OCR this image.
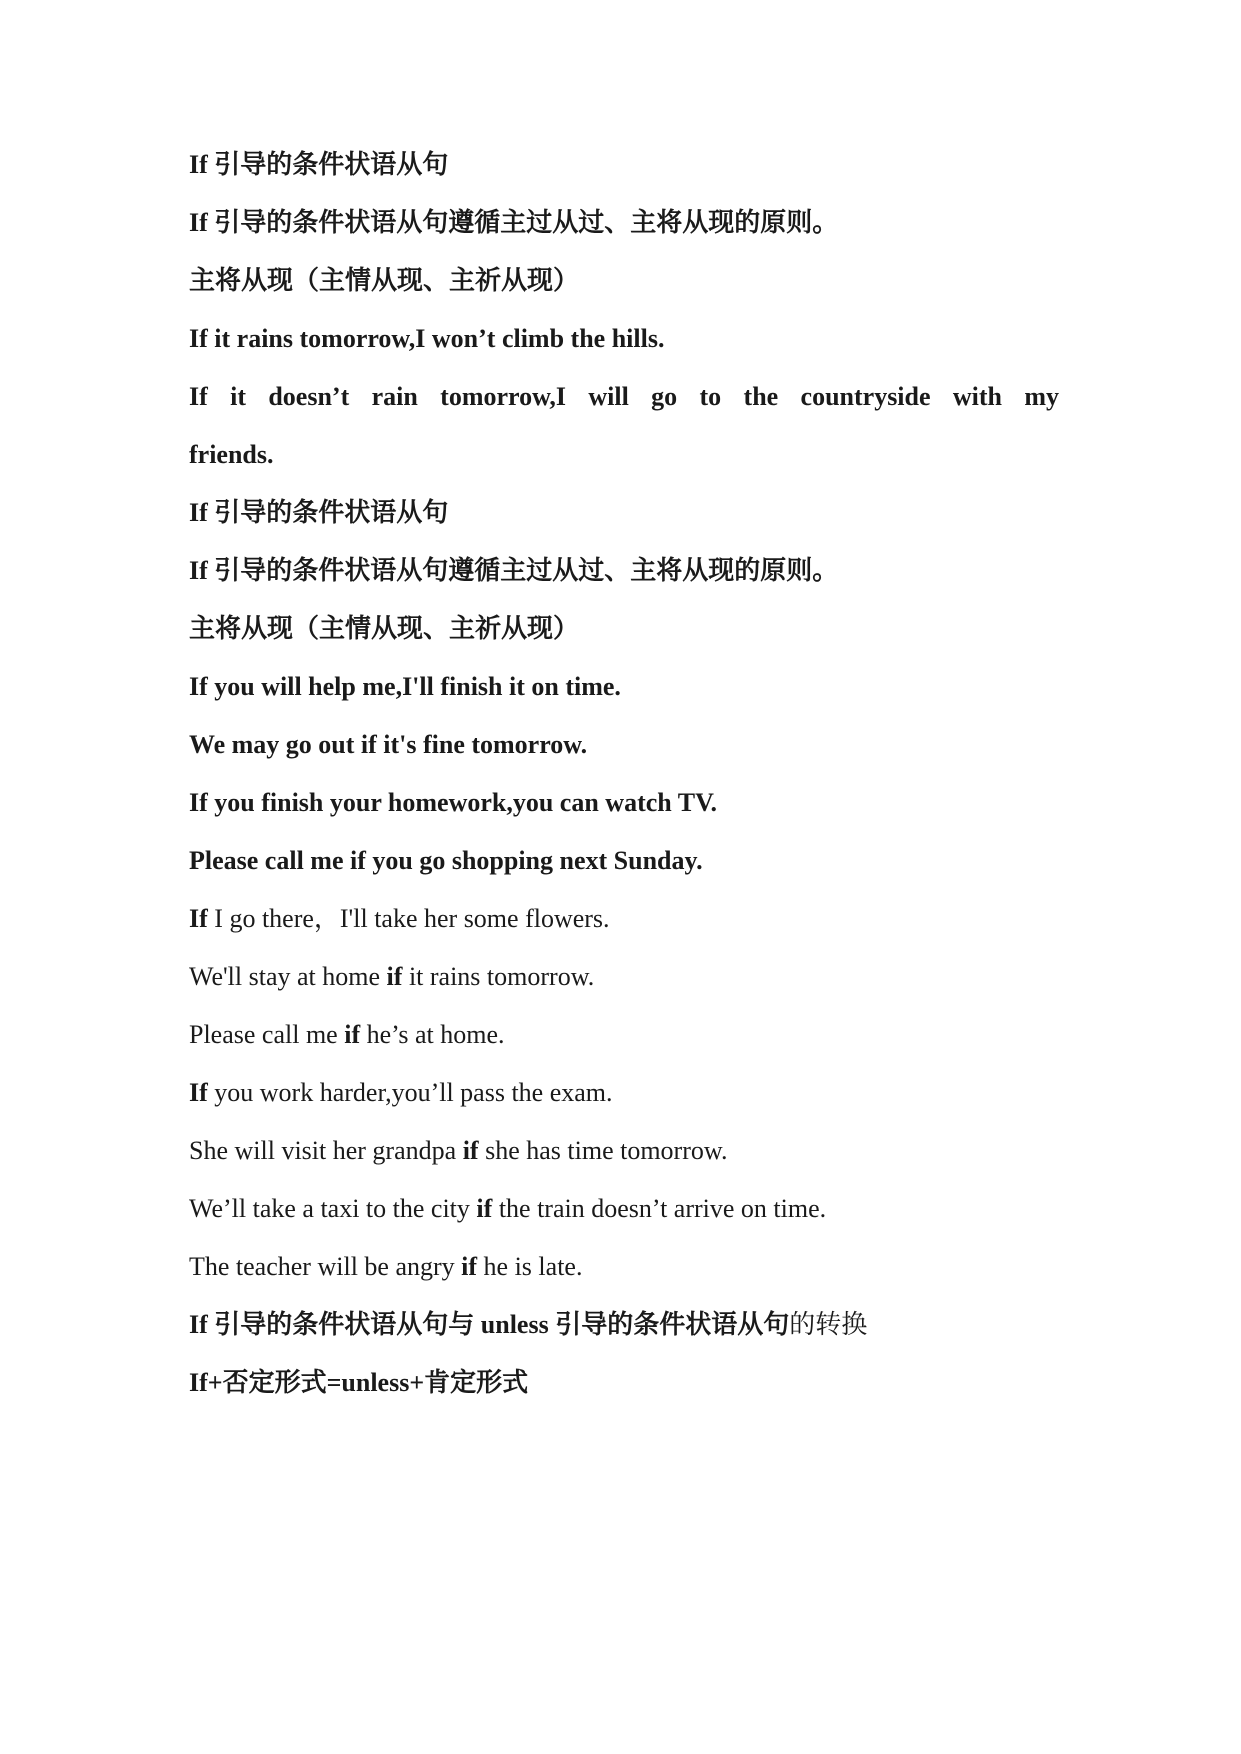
If 引导的条件状语从句
If 引导的条件状语从句遵循主过从过、主将从现的原则。
主将从现（主情从现、主祈从现）
If it rains tomorrow,I won’t climb the hills.
If it doesn’t rain tomorrow,I will go to the countryside with my
friends.
If 引导的条件状语从句
If 引导的条件状语从句遵循主过从过、主将从现的原则。
主将从现（主情从现、主祈从现）
If you will help me,I'll finish it on time.
We may go out if it's fine tomorrow.
If you finish your homework,you can watch TV.
Please call me if you go shopping next Sunday.
If I go there，I'll take her some flowers.
We'll stay at home if it rains tomorrow.
Please call me if he’s at home.
If you work harder,you’ll pass the exam.
She will visit her grandpa if she has time tomorrow.
We’ll take a taxi to the city if the train doesn’t arrive on time.
The teacher will be angry if he is late.
If 引导的条件状语从句与 unless 引导的条件状语从句的转换
If+否定形式=unless+肯定形式
